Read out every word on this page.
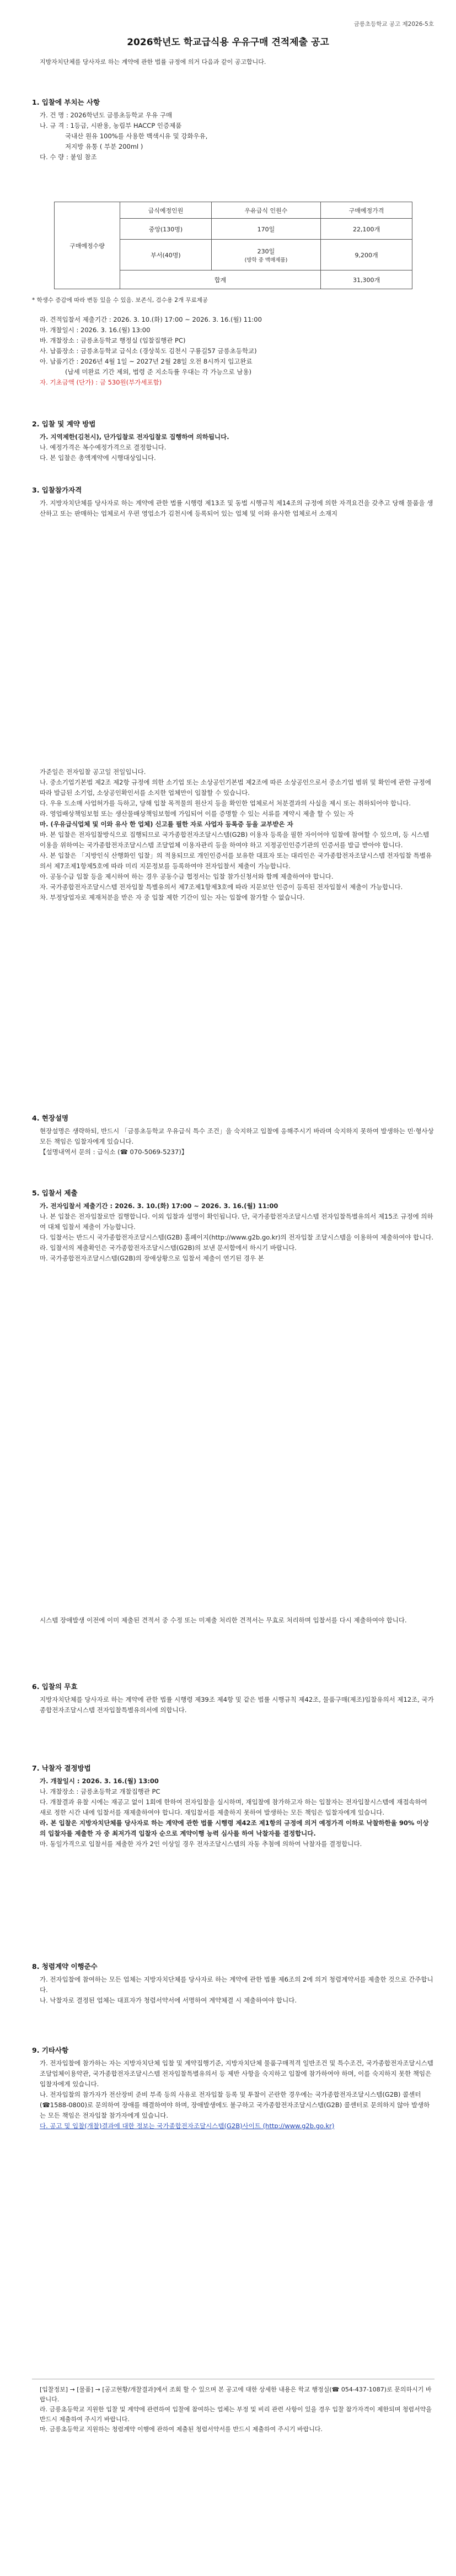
금릉초등학교 공고 제2026-5호
2026학년도 학교급식용 우유구매 견적제출 공고
지방자치단체를 당사자로 하는 계약에 관한 법률 규정에 의거 다음과 같이 공고합니다.
1. 입찰에 부치는 사항
가. 건 명 : 2026학년도 금릉초등학교 우유 구매
나. 규 격 : 1등급, 시판용, 농림부 HACCP 인증제품
국내산 원유 100%를 사용한 백색시유 및 강화우유,
저지방 유통 ( 부분 200ml )
다. 수 량 : 붙임 참조
구매예정수량	급식예정인원	우유급식 인원수	구매예정가격
	중앙(130명)	170일	22,100개
	부서(40명)	230일
(방학 중 맥매제품)	9,200개
	합계		31,300개
* 학생수 증감에 따라 변동 있을 수 있음. 보존식, 검수용 2개 무료제공
라. 견적입찰서 제출기간 : 2026. 3. 10.(화) 17:00 ~ 2026. 3. 16.(월) 11:00
마. 개찰일시 : 2026. 3. 16.(월) 13:00
바. 개찰장소 : 금릉초등학교 행정실 (입찰집행관 PC)
사. 납품장소 : 금릉초등학교 급식소 (경상북도 김천시 구룡길57 금릉초등학교)
아. 납품기간 : 2026년 4월 1일 ~ 2027년 2월 28일 오전 8시까지 입고완료
(납세 미완료 기간 제외, 법령 준 지소득률 우대는 각 가능으로 남용)
자. 기초금액 (단가) : 금 530원(부가세포함)
2. 입찰 및 계약 방법
가. 지역제한(김천시), 단가입찰로 전자입찰로 집행하여 의하됩니다.
나. 예정가격은 복수예정가격으로 결정합니다.
다. 본 입찰은 총액계약에 시행대상입니다.
3. 입찰참가자격
가. 지방자치단체를 당사자로 하는 계약에 관한 법률 시행령 제13조 및 동법 시행규칙 제14조의 규정에 의한 자격요건을 갖추고 당해 물품을 생산하고 또는 판매하는 업체로서 우편 영업소가 김천시에 등록되어 있는 업체 및 이와 유사한 업체로서 소재지
가준일은 전자입찰 공고일 전일입니다.
나. 중소기업기본법 제2조 제2항 규정에 의한 소기업 또는 소상공인기본법 제2조에 따른 소상공인으로서 중소기업 범위 및 확인에 관한 규정에 따라 발급된 소기업, 소상공인확인서를 소지한 업체만이 입찰할 수 있습니다.
다. 우유 도소매 사업허가를 득하고, 당해 입찰 목적물의 원산지 등을 확인한 업체로서 처분결과의 사실을 제시 또는 취하되어야 합니다.
라. 영업배상책임보험 또는 생산물배상책임보험에 가입되어 이를 증명할 수 있는 서류를 계약시 제출 할 수 있는 자
마. (우유급식업체 및 이와 유사 한 업체) 신고를 필한 자로 사업자 등록증 등을 교부받은 자
바. 본 입찰은 전자입찰방식으로 집행되므로 국가종합전자조달시스템(G2B) 이용자 등록을 필한 자이어야 입찰에 참여할 수 있으며, 등 시스템 이용을 위하여는 국가종합전자조달시스템 조달업체 이용자관리 등을 하여야 하고 지정공인인증기관의 인증서를 발급 받아야 합니다.
사. 본 입찰은 「지방인식 산행화인 입찰」의 적용되므로 개인인증서를 보유한 대표자 또는 대리인은 국가종합전자조달시스템 전자입찰 특별유의서 제7조제1항제5호에 따라 미리 지문정보를 등록하여야 전자입찰서 제출이 가능합니다.
아. 공동수급 입찰 등을 제시하여 하는 경우 공동수급 협정서는 입찰 참가신청서와 함께 제출하여야 합니다.
자. 국가종합전자조달시스템 전자입찰 특별유의서 제7조제1항제3호에 따라 지문보안 인증이 등록된 전자입찰서 제출이 가능합니다.
차. 부정당업자로 제재처분을 받은 자 중 입찰 제한 기간이 있는 자는 입찰에 참가할 수 없습니다.
4. 현장설명
현장설명은 생략하되, 반드시 「금릉초등학교 우유급식 특수 조건」을 숙지하고 입찰에 응해주시기 바라며 숙지하지 못하여 발생하는 민·형사상 모든 책임은 입찰자에게 있습니다.
【설명내역서 문의 : 급식소 (☎ 070-5069-5237)】
5. 입찰서 제출
가. 전자입찰서 제출기간 : 2026. 3. 10.(화) 17:00 ~ 2026. 3. 16.(월) 11:00
나. 본 입찰은 전자입찰로만 집행합니다. 이외 입찰과 설명이 확인됩니다. 단, 국가종합전자조달시스템 전자입찰특별유의서 제15조 규정에 의하여 대체 입찰서 제출이 가능합니다.
다. 입찰서는 반드시 국가종합전자조달시스템(G2B) 홈페이지(http://www.g2b.go.kr)의 전자입찰 조달시스템을 이용하여 제출하여야 합니다.
라. 입찰서의 제출확인은 국가종합전자조달시스템(G2B)의 보낸 문서함에서 하시기 바랍니다.
마. 국가종합전자조달시스템(G2B)의 장애상황으로 입찰서 제출이 연기된 경우 본
시스템 장애발생 이전에 이미 제출된 견적서 중 수정 또는 미제출 처리한 견적서는 무효로 처리하며 입찰서를 다시 제출하여야 합니다.
6. 입찰의 무효
지방자치단체를 당사자로 하는 계약에 관한 법률 시행령 제39조 제4항 및 같은 법률 시행규칙 제42조, 물품구매(제조)입찰유의서 제12조, 국가종합전자조달시스템 전자입찰특별유의서에 의합니다.
7. 낙찰자 결정방법
가. 개찰일시 : 2026. 3. 16.(월) 13:00
나. 개찰장소 : 금릉초등학교 개찰집행관 PC
다. 개찰결과 유찰 시에는 재공고 없이 1회에 한하여 전자입찰을 실시하며, 재입찰에 참가하고자 하는 입찰자는 전자입찰시스템에 재접속하여 새로 정한 시간 내에 입찰서를 재제출하여야 합니다. 재입찰서를 제출하지 못하여 발생하는 모든 책임은 입찰자에게 있습니다.
라. 본 입찰은 지방자치단체를 당사자로 하는 계약에 관한 법률 시행령 제42조 제1항의 규정에 의거 예정가격 이하로 낙찰하한율 90% 이상의 입찰자를 제출한 자 중 최저가격 입찰자 순으로 계약이행 능력 심사를 하여 낙찰자를 결정합니다.
마. 동일가격으로 입찰서를 제출한 자가 2인 이상일 경우 전자조달시스템의 자동 추첨에 의하여 낙찰자를 결정합니다.
8. 청렴계약 이행준수
가. 전자입찰에 참여하는 모든 업체는 지방자치단체를 당사자로 하는 계약에 관한 법률 제6조의 2에 의거 청렴계약서를 제출한 것으로 간주합니다.
나. 낙찰자로 결정된 업체는 대표자가 청렴서약서에 서명하여 계약체결 시 제출하여야 합니다.
9. 기타사항
가. 전자입찰에 참가하는 자는 지방자치단체 입찰 및 계약집행기준, 지방자치단체 물품구매적격 일반조건 및 특수조건, 국가종합전자조달시스템 조달업체이용약관, 국가종합전자조달시스템 전자입찰특별유의서 등 제반 사항을 숙지하고 입찰에 참가하여야 하며, 이를 숙지하지 못한 책임은 입찰자에게 있습니다.
나. 전자입찰의 참가자가 전산장비 준비 부족 등의 사유로 전자입찰 등록 및 투찰이 곤란한 경우에는 국가종합전자조달시스템(G2B) 콜센터(☎1588-0800)로 문의하여 장애를 해결하여야 하며, 장애발생에도 불구하고 국가종합전자조달시스템(G2B) 콜센터로 문의하지 않아 발생하는 모든 책임은 전자입찰 참가자에게 있습니다.
다. 공고 및 입찰(개찰)결과에 대한 정보는 국가종합전자조달시스템(G2B)사이트 (http://www.g2b.go.kr)
[입찰정보] → [물품] → [공고현황/개찰결과]에서 조회 할 수 있으며 본 공고에 대한 상세한 내용은 학교 행정실(☎ 054-437-1087)로 문의하시기 바랍니다.
라. 금릉초등학교 지원한 입찰 및 계약에 관련하여 입찰에 참여하는 업체는 부정 및 비리 관련 사항이 있을 경우 입찰 참가자격이 제한되며 청렴서약을 반드시 제출하여 주시기 바랍니다.
마. 금릉초등학교 지원하는 청렴계약 이행에 관하여 제출된 청렴서약서를 반드시 제출하여 주시기 바랍니다.
